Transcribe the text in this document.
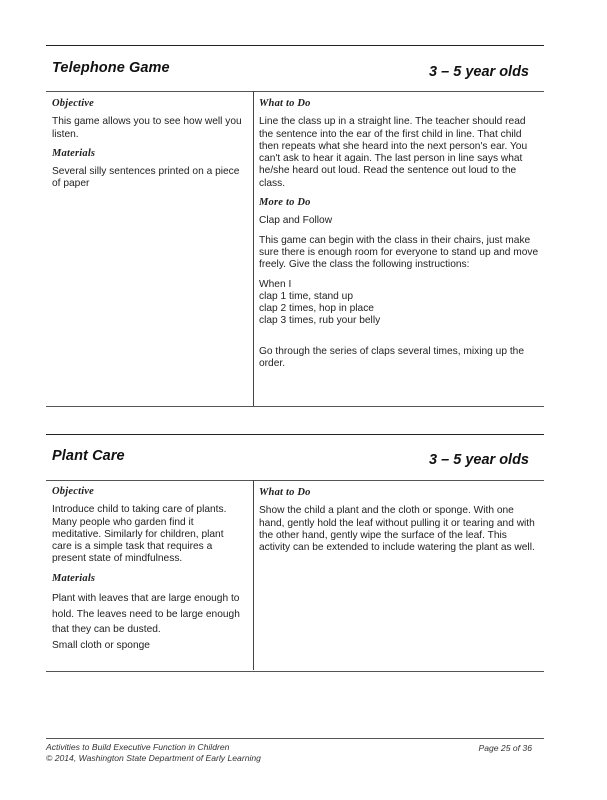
Telephone Game	3 – 5 year olds
Objective

This game allows you to see how well you listen.

Materials

Several silly sentences printed on a piece of paper

What to Do

Line the class up in a straight line. The teacher should read the sentence into the ear of the first child in line. That child then repeats what she heard into the next person's ear. You can't ask to hear it again. The last person in line says what he/she heard out loud. Read the sentence out loud to the class.

More to Do

Clap and Follow

This game can begin with the class in their chairs, just make sure there is enough room for everyone to stand up and move freely. Give the class the following instructions:

When I
clap 1 time, stand up
clap 2 times, hop in place
clap 3 times, rub your belly

Go through the series of claps several times, mixing up the order.

Plant Care	3 – 5 year olds
Objective

Introduce child to taking care of plants. Many people who garden find it meditative. Similarly for children, plant care is a simple task that requires a present state of mindfulness.

Materials

Plant with leaves that are large enough to hold. The leaves need to be large enough that they can be dusted.
Small cloth or sponge

What to Do

Show the child a plant and the cloth or sponge. With one hand, gently hold the leaf without pulling it or tearing and with the other hand, gently wipe the surface of the leaf. This activity can be extended to include watering the plant as well.

Activities to Build Executive Function in Children
© 2014, Washington State Department of Early Learning
Page 25 of 36
